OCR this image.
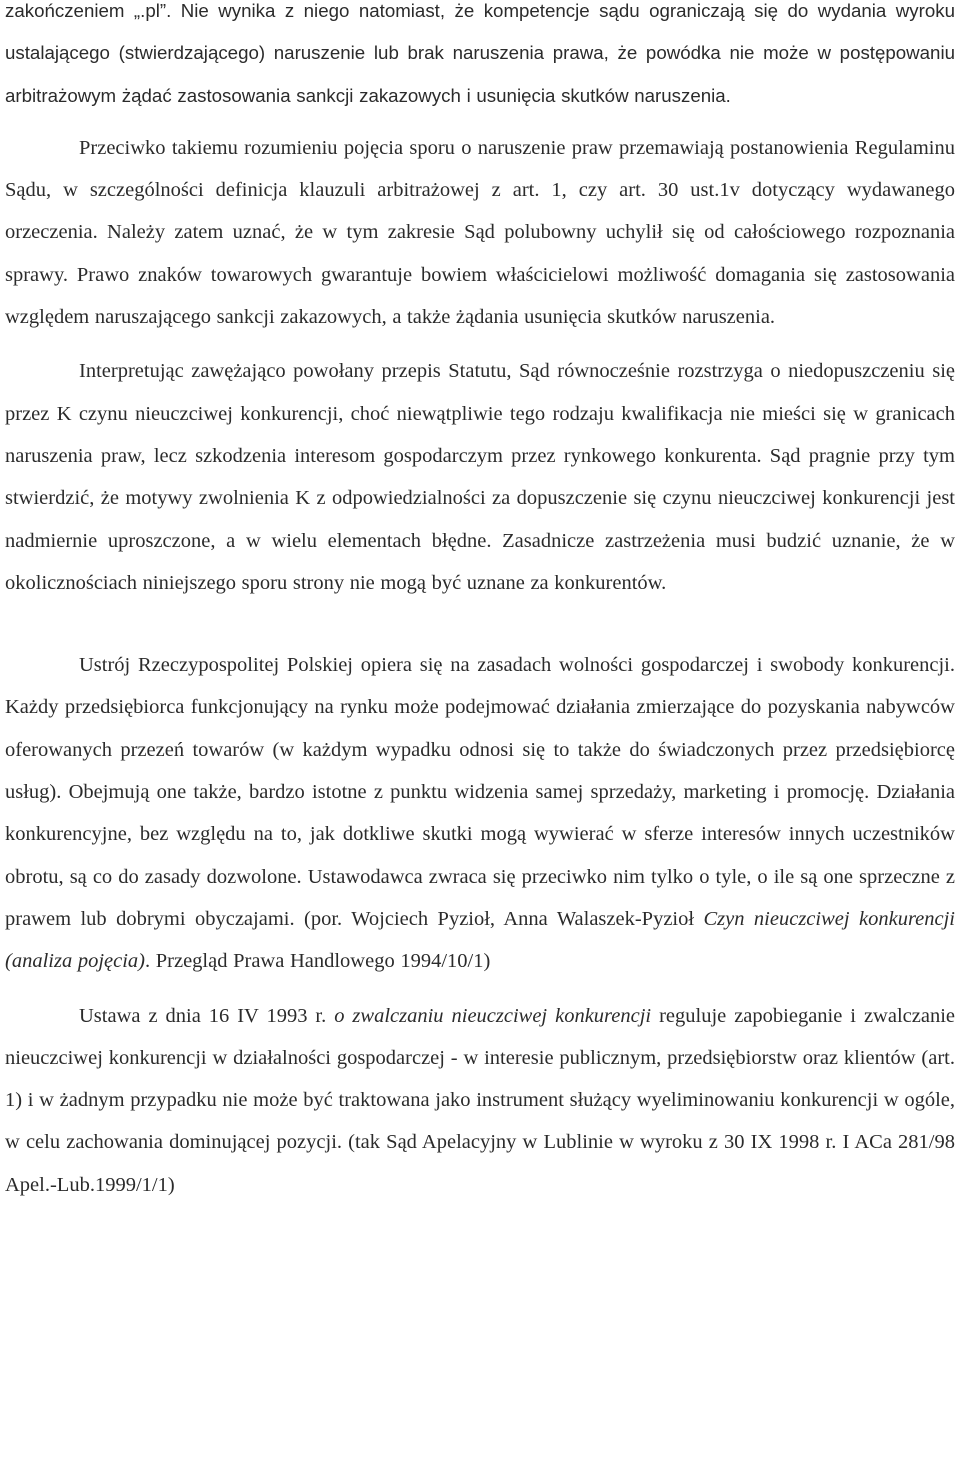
zakończeniem „.pl”. Nie wynika z niego natomiast, że kompetencje sądu ograniczają się do wydania wyroku ustalającego (stwierdzającego) naruszenie lub brak naruszenia prawa, że powódka nie może w postępowaniu arbitrażowym żądać zastosowania sankcji zakazowych i usunięcia skutków naruszenia.

Przeciwko takiemu rozumieniu pojęcia sporu o naruszenie praw przemawiają postanowienia Regulaminu Sądu, w szczególności definicja klauzuli arbitrażowej z art. 1, czy art. 30 ust.1v dotyczący wydawanego orzeczenia. Należy zatem uznać, że w tym zakresie Sąd polubowny uchylił się od całościowego rozpoznania sprawy. Prawo znaków towarowych gwarantuje bowiem właścicielowi możliwość domagania się zastosowania względem naruszającego sankcji zakazowych, a także żądania usunięcia skutków naruszenia.

Interpretując zawężająco powołany przepis Statutu, Sąd równocześnie rozstrzyga o niedopuszczeniu się przez K czynu nieuczciwej konkurencji, choć niewątpliwie tego rodzaju kwalifikacja nie mieści się w granicach naruszenia praw, lecz szkodzenia interesom gospodarczym przez rynkowego konkurenta. Sąd pragnie przy tym stwierdzić, że motywy zwolnienia K z odpowiedzialności za dopuszczenie się czynu nieuczciwej konkurencji jest nadmiernie uproszczone, a w wielu elementach błędne. Zasadnicze zastrzeżenia musi budzić uznanie, że w okolicznościach niniejszego sporu strony nie mogą być uznane za konkurentów.

Ustrój Rzeczypospolitej Polskiej opiera się na zasadach wolności gospodarczej i swobody konkurencji. Każdy przedsiębiorca funkcjonujący na rynku może podejmować działania zmierzające do pozyskania nabywców oferowanych przezeń towarów (w każdym wypadku odnosi się to także do świadczonych przez przedsiębiorcę usług). Obejmują one także, bardzo istotne z punktu widzenia samej sprzedaży, marketing i promocję. Działania konkurencyjne, bez względu na to, jak dotkliwe skutki mogą wywierać w sferze interesów innych uczestników obrotu, są co do zasady dozwolone. Ustawodawca zwraca się przeciwko nim tylko o tyle, o ile są one sprzeczne z prawem lub dobrymi obyczajami. (por. Wojciech Pyzioł, Anna Walaszek-Pyzioł Czyn nieuczciwej konkurencji (analiza pojęcia). Przegląd Prawa Handlowego 1994/10/1)

Ustawa z dnia 16 IV 1993 r. o zwalczaniu nieuczciwej konkurencji reguluje zapobieganie i zwalczanie nieuczciwej konkurencji w działalności gospodarczej - w interesie publicznym, przedsiębiorstw oraz klientów (art. 1) i w żadnym przypadku nie może być traktowana jako instrument służący wyeliminowaniu konkurencji w ogóle, w celu zachowania dominującej pozycji. (tak Sąd Apelacyjny w Lublinie w wyroku z 30 IX 1998 r. I ACa 281/98 Apel.-Lub.1999/1/1)
